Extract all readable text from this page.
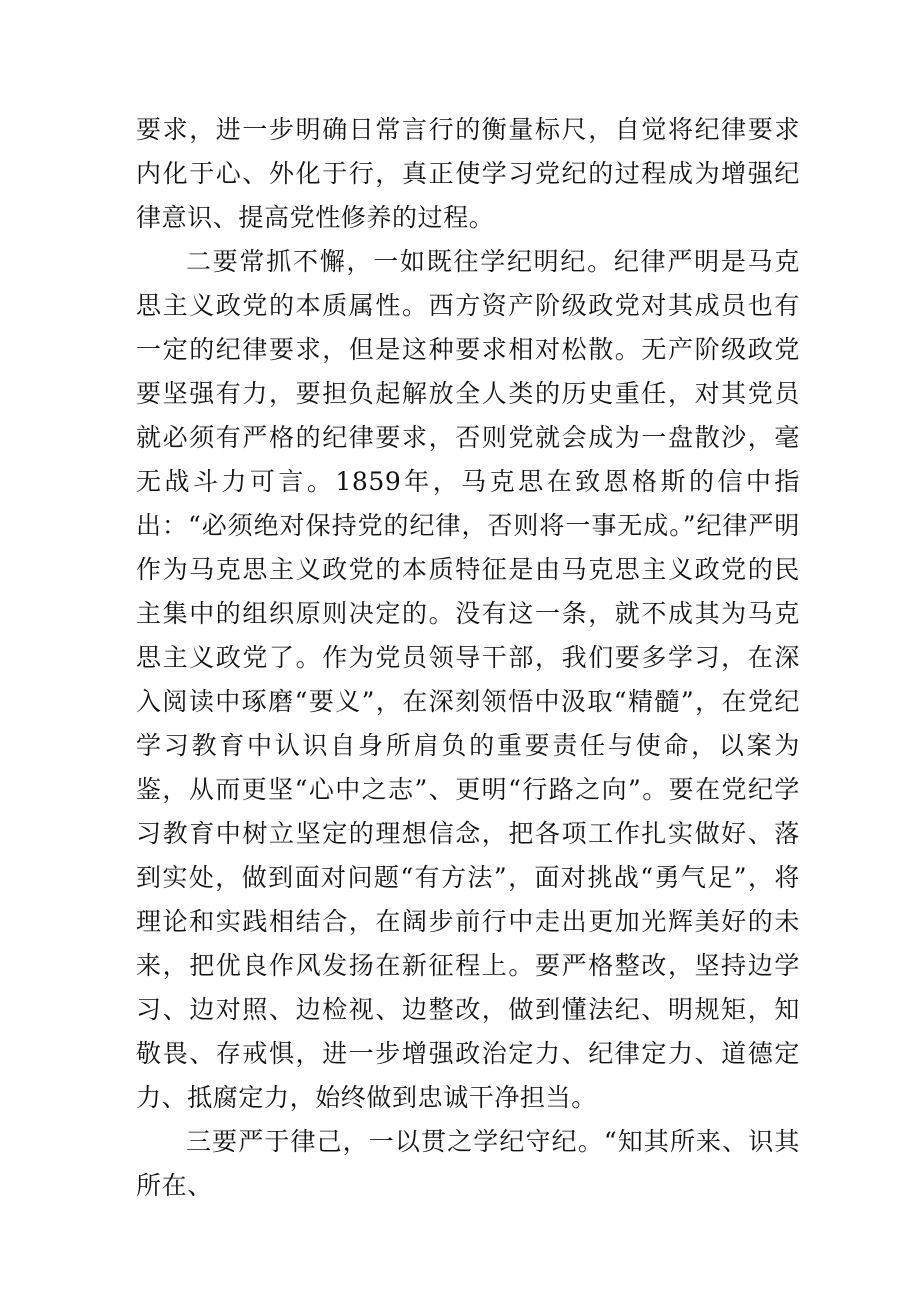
要求，进一步明确日常言行的衡量标尺，自觉将纪律要求内化于心、外化于行，真正使学习党纪的过程成为增强纪律意识、提高党性修养的过程。

二要常抓不懈，一如既往学纪明纪。纪律严明是马克思主义政党的本质属性。西方资产阶级政党对其成员也有一定的纪律要求，但是这种要求相对松散。无产阶级政党要坚强有力，要担负起解放全人类的历史重任，对其党员就必须有严格的纪律要求，否则党就会成为一盘散沙，毫无战斗力可言。1859年，马克思在致恩格斯的信中指出：“必须绝对保持党的纪律，否则将一事无成。”纪律严明作为马克思主义政党的本质特征是由马克思主义政党的民主集中的组织原则决定的。没有这一条，就不成其为马克思主义政党了。作为党员领导干部，我们要多学习，在深入阅读中琢磨“要义”，在深刻领悟中汲取“精髓”，在党纪学习教育中认识自身所肩负的重要责任与使命，以案为鉴，从而更坚“心中之志”、更明“行路之向”。要在党纪学习教育中树立坚定的理想信念，把各项工作扎实做好、落到实处，做到面对问题“有方法”，面对挑战“勇气足”，将理论和实践相结合，在阔步前行中走出更加光辉美好的未来，把优良作风发扬在新征程上。要严格整改，坚持边学习、边对照、边检视、边整改，做到懂法纪、明规矩，知敬畏、存戒惧，进一步增强政治定力、纪律定力、道德定力、抵腐定力，始终做到忠诚干净担当。

三要严于律己，一以贯之学纪守纪。“知其所来、识其所在、
